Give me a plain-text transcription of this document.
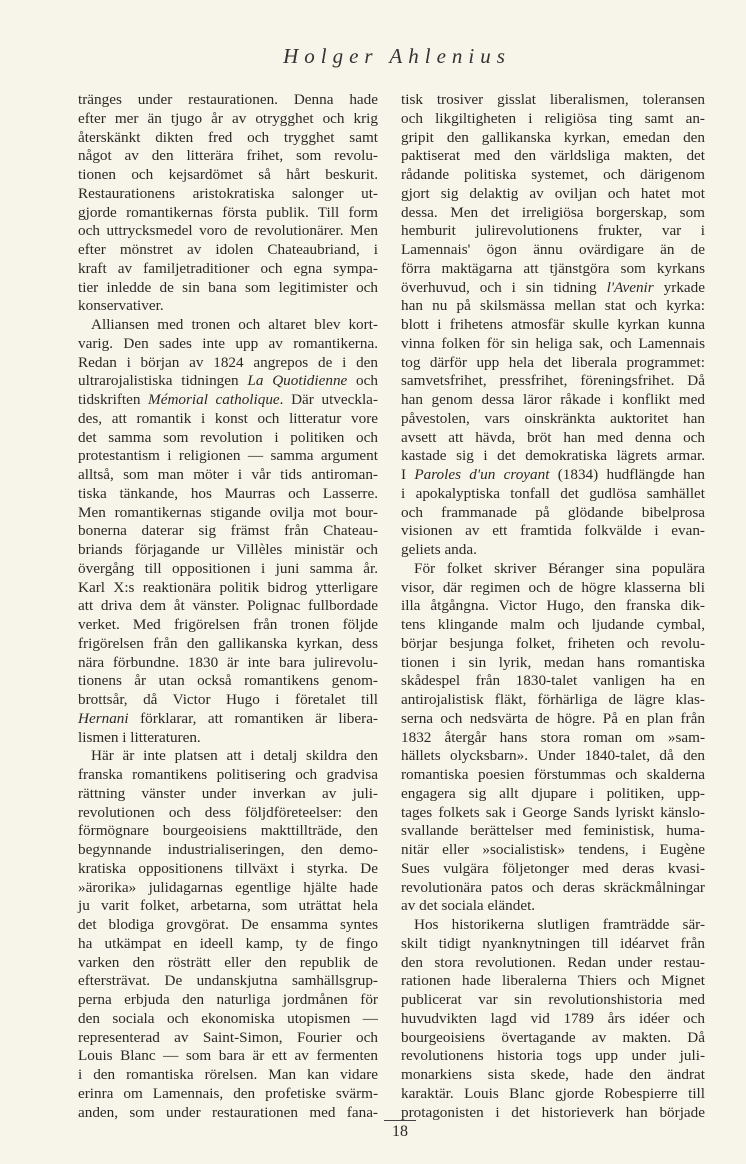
Holger Ahlenius
tränges under restaurationen. Denna hade
efter mer än tjugo år av otrygghet och krig
återskänkt dikten fred och trygghet samt
något av den litterära frihet, som revolu-
tionen och kejsardömet så hårt beskurit.
Restaurationens aristokratiska salonger ut-
gjorde romantikernas första publik. Till form
och uttrycksmedel voro de revolutionärer. Men
efter mönstret av idolen Chateaubriand, i
kraft av familjetraditioner och egna sympa-
tier inledde de sin bana som legitimister och
konservativer.
Alliansen med tronen och altaret blev kort-
varig. Den sades inte upp av romantikerna.
Redan i början av 1824 angrepos de i den
ultrarojalistiska tidningen La Quotidienne och
tidskriften Mémorial catholique. Där utveckla-
des, att romantik i konst och litteratur vore
det samma som revolution i politiken och
protestantism i religionen — samma argument
alltså, som man möter i vår tids antiroman-
tiska tänkande, hos Maurras och Lasserre.
Men romantikernas stigande ovilja mot bour-
bonerna daterar sig främst från Chateau-
briands förjagande ur Villèles ministär och
övergång till oppositionen i juni samma år.
Karl X:s reaktionära politik bidrog ytterligare
att driva dem åt vänster. Polignac fullbordade
verket. Med frigörelsen från tronen följde
frigörelsen från den gallikanska kyrkan, dess
nära förbundne. 1830 är inte bara julirevolu-
tionens år utan också romantikens genom-
brottsår, då Victor Hugo i företalet till
Hernani förklarar, att romantiken är libera-
lismen i litteraturen.
Här är inte platsen att i detalj skildra den
franska romantikens politisering och gradvisa
rättning vänster under inverkan av juli-
revolutionen och dess följdföreteelser: den
förmögnare bourgeoisiens makttillträde, den
begynnande industrialiseringen, den demo-
kratiska oppositionens tillväxt i styrka. De
»ärorika» julidagarnas egentlige hjälte hade
ju varit folket, arbetarna, som uträttat hela
det blodiga grovgörat. De ensamma syntes
ha utkämpat en ideell kamp, ty de fingo
varken den rösträtt eller den republik de
eftersträvat. De undanskjutna samhällsgrup-
perna erbjuda den naturliga jordmånen för
den sociala och ekonomiska utopismen —
representerad av Saint-Simon, Fourier och
Louis Blanc — som bara är ett av fermenten
i den romantiska rörelsen. Man kan vidare
erinra om Lamennais, den profetiske svärm-
anden, som under restaurationen med fana-
tisk trosiver gisslat liberalismen, toleransen
och likgiltigheten i religiösa ting samt an-
gripit den gallikanska kyrkan, emedan den
paktiserat med den världsliga makten, det
rådande politiska systemet, och därigenom
gjort sig delaktig av oviljan och hatet mot
dessa. Men det irreligiösa borgerskap, som
hemburit julirevolutionens frukter, var i
Lamennais' ögon ännu ovärdigare än de
förra maktägarna att tjänstgöra som kyrkans
överhuvud, och i sin tidning l'Avenir yrkade
han nu på skilsmässa mellan stat och kyrka:
blott i frihetens atmosfär skulle kyrkan kunna
vinna folken för sin heliga sak, och Lamennais
tog därför upp hela det liberala programmet:
samvetsfrihet, pressfrihet, föreningsfrihet. Då
han genom dessa läror råkade i konflikt med
påvestolen, vars oinskränkta auktoritet han
avsett att hävda, bröt han med denna och
kastade sig i det demokratiska lägrets armar.
I Paroles d'un croyant (1834) hudflängde han
i apokalyptiska tonfall det gudlösa samhället
och frammanade på glödande bibelprosa
visionen av ett framtida folkvälde i evan-
geliets anda.
För folket skriver Béranger sina populära
visor, där regimen och de högre klasserna bli
illa åtgångna. Victor Hugo, den franska dik-
tens klingande malm och ljudande cymbal,
börjar besjunga folket, friheten och revolu-
tionen i sin lyrik, medan hans romantiska
skådespel från 1830-talet vanligen ha en
antirojalistisk fläkt, förhärliga de lägre klas-
serna och nedsvärta de högre. På en plan från
1832 återgår hans stora roman om »sam-
hällets olycksbarn». Under 1840-talet, då den
romantiska poesien förstummas och skalderna
engagera sig allt djupare i politiken, upp-
tages folkets sak i George Sands lyriskt känslo-
svallande berättelser med feministisk, huma-
nitär eller »socialistisk» tendens, i Eugène
Sues vulgära följetonger med deras kvasi-
revolutionära patos och deras skräckmålningar
av det sociala eländet.
Hos historikerna slutligen framträdde sär-
skilt tidigt nyanknytningen till idéarvet från
den stora revolutionen. Redan under restau-
rationen hade liberalerna Thiers och Mignet
publicerat var sin revolutionshistoria med
huvudvikten lagd vid 1789 års idéer och
bourgeoisiens övertagande av makten. Då
revolutionens historia togs upp under juli-
monarkiens sista skede, hade den ändrat
karaktär. Louis Blanc gjorde Robespierre till
protagonisten i det historieverk han började
18
